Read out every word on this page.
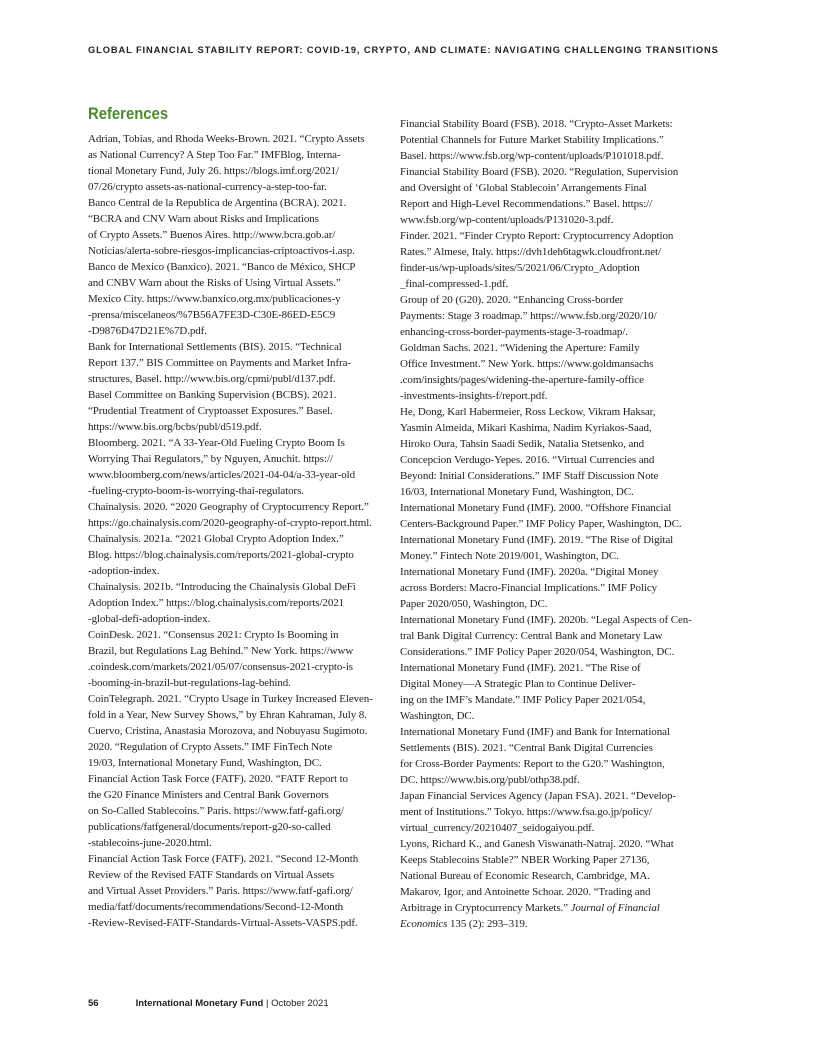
GLOBAL FINANCIAL STABILITY REPORT: COVID-19, CRYPTO, AND CLIMATE: NAVIGATING CHALLENGING TRANSITIONS
References

Adrian, Tobias, and Rhoda Weeks-Brown. 2021. “Crypto Assets
as National Currency? A Step Too Far.” IMFBlog, Interna-
tional Monetary Fund, July 26. https://blogs.imf.org/2021/
07/26/crypto assets-as-national-currency-a-step-too-far.

Banco Central de la Republica de Argentina (BCRA). 2021.
“BCRA and CNV Warn about Risks and Implications
of Crypto Assets.” Buenos Aires. http://www.bcra.gob.ar/
Noticias/alerta-sobre-riesgos-implicancias-criptoactivos-i.asp.

Banco de Mexico (Banxico). 2021. “Banco de México, SHCP
and CNBV Warn about the Risks of Using Virtual Assets.”
Mexico City. https://www.banxico.org.mx/publicaciones-y
-prensa/miscelaneos/%7B56A7FE3D-C30E-86ED-E5C9
-D9876D47D21E%7D.pdf.

Bank for International Settlements (BIS). 2015. “Technical
Report 137.” BIS Committee on Payments and Market Infra-
structures, Basel. http://www.bis.org/cpmi/publ/d137.pdf.

Basel Committee on Banking Supervision (BCBS). 2021.
“Prudential Treatment of Cryptoasset Exposures.” Basel.
https://www.bis.org/bcbs/publ/d519.pdf.

Bloomberg. 2021. “A 33-Year-Old Fueling Crypto Boom Is
Worrying Thai Regulators,” by Nguyen, Anuchit. https://
www.bloomberg.com/news/articles/2021-04-04/a-33-year-old
-fueling-crypto-boom-is-worrying-thai-regulators.

Chainalysis. 2020. “2020 Geography of Cryptocurrency Report.”
https://go.chainalysis.com/2020-geography-of-crypto-report.html.

Chainalysis. 2021a. “2021 Global Crypto Adoption Index.”
Blog. https://blog.chainalysis.com/reports/2021-global-crypto
-adoption-index.

Chainalysis. 2021b. “Introducing the Chainalysis Global DeFi
Adoption Index.” https://blog.chainalysis.com/reports/2021
-global-defi-adoption-index.

CoinDesk. 2021. “Consensus 2021: Crypto Is Booming in
Brazil, but Regulations Lag Behind.” New York. https://www
.coindesk.com/markets/2021/05/07/consensus-2021-crypto-is
-booming-in-brazil-but-regulations-lag-behind.

CoinTelegraph. 2021. “Crypto Usage in Turkey Increased Eleven-
fold in a Year, New Survey Shows,” by Ehran Kahraman, July 8.

Cuervo, Cristina, Anastasia Morozova, and Nobuyasu Sugimoto.
2020. “Regulation of Crypto Assets.” IMF FinTech Note
19/03, International Monetary Fund, Washington, DC.

Financial Action Task Force (FATF). 2020. “FATF Report to
the G20 Finance Ministers and Central Bank Governors
on So-Called Stablecoins.” Paris. https://www.fatf-gafi.org/
publications/fatfgeneral/documents/report-g20-so-called
-stablecoins-june-2020.html.

Financial Action Task Force (FATF). 2021. “Second 12-Month
Review of the Revised FATF Standards on Virtual Assets
and Virtual Asset Providers.” Paris. https://www.fatf-gafi.org/
media/fatf/documents/recommendations/Second-12-Month
-Review-Revised-FATF-Standards-Virtual-Assets-VASPS.pdf.

Financial Stability Board (FSB). 2018. “Crypto-Asset Markets:
Potential Channels for Future Market Stability Implications.”
Basel. https://www.fsb.org/wp-content/uploads/P101018.pdf.

Financial Stability Board (FSB). 2020. “Regulation, Supervision
and Oversight of ‘Global Stablecoin’ Arrangements Final
Report and High-Level Recommendations.” Basel. https://
www.fsb.org/wp-content/uploads/P131020-3.pdf.

Finder. 2021. “Finder Crypto Report: Cryptocurrency Adoption
Rates.” Almese, Italy. https://dvh1deh6tagwk.cloudfront.net/
finder-us/wp-uploads/sites/5/2021/06/Crypto_Adoption
_final-compressed-1.pdf.

Group of 20 (G20). 2020. “Enhancing Cross-border
Payments: Stage 3 roadmap.” https://www.fsb.org/2020/10/
enhancing-cross-border-payments-stage-3-roadmap/.

Goldman Sachs. 2021. “Widening the Aperture: Family
Office Investment.” New York. https://www.goldmansachs
.com/insights/pages/widening-the-aperture-family-office
-investments-insights-f/report.pdf.

He, Dong, Karl Habermeier, Ross Leckow, Vikram Haksar,
Yasmin Almeida, Mikari Kashima, Nadim Kyriakos-Saad,
Hiroko Oura, Tahsin Saadi Sedik, Natalia Stetsenko, and
Concepcion Verdugo-Yepes. 2016. “Virtual Currencies and
Beyond: Initial Considerations.” IMF Staff Discussion Note
16/03, International Monetary Fund, Washington, DC.

International Monetary Fund (IMF). 2000. “Offshore Financial
Centers-Background Paper.” IMF Policy Paper, Washington, DC.

International Monetary Fund (IMF). 2019. “The Rise of Digital
Money.” Fintech Note 2019/001, Washington, DC.

International Monetary Fund (IMF). 2020a. “Digital Money
across Borders: Macro-Financial Implications.” IMF Policy
Paper 2020/050, Washington, DC.

International Monetary Fund (IMF). 2020b. “Legal Aspects of Cen-
tral Bank Digital Currency: Central Bank and Monetary Law
Considerations.” IMF Policy Paper 2020/054, Washington, DC.

International Monetary Fund (IMF). 2021. “The Rise of
Digital Money—A Strategic Plan to Continue Deliver-
ing on the IMF’s Mandate.” IMF Policy Paper 2021/054,
Washington, DC.

International Monetary Fund (IMF) and Bank for International
Settlements (BIS). 2021. “Central Bank Digital Currencies
for Cross-Border Payments: Report to the G20.” Washington,
DC. https://www.bis.org/publ/othp38.pdf.

Japan Financial Services Agency (Japan FSA). 2021. “Develop-
ment of Institutions.” Tokyo. https://www.fsa.go.jp/policy/
virtual_currency/20210407_seidogaiyou.pdf.

Lyons, Richard K., and Ganesh Viswanath-Natraj. 2020. “What
Keeps Stablecoins Stable?” NBER Working Paper 27136,
National Bureau of Economic Research, Cambridge, MA.

Makarov, Igor, and Antoinette Schoar. 2020. “Trading and
Arbitrage in Cryptocurrency Markets.” Journal of Financial
Economics 135 (2): 293–319.

56	International Monetary Fund | October 2021
